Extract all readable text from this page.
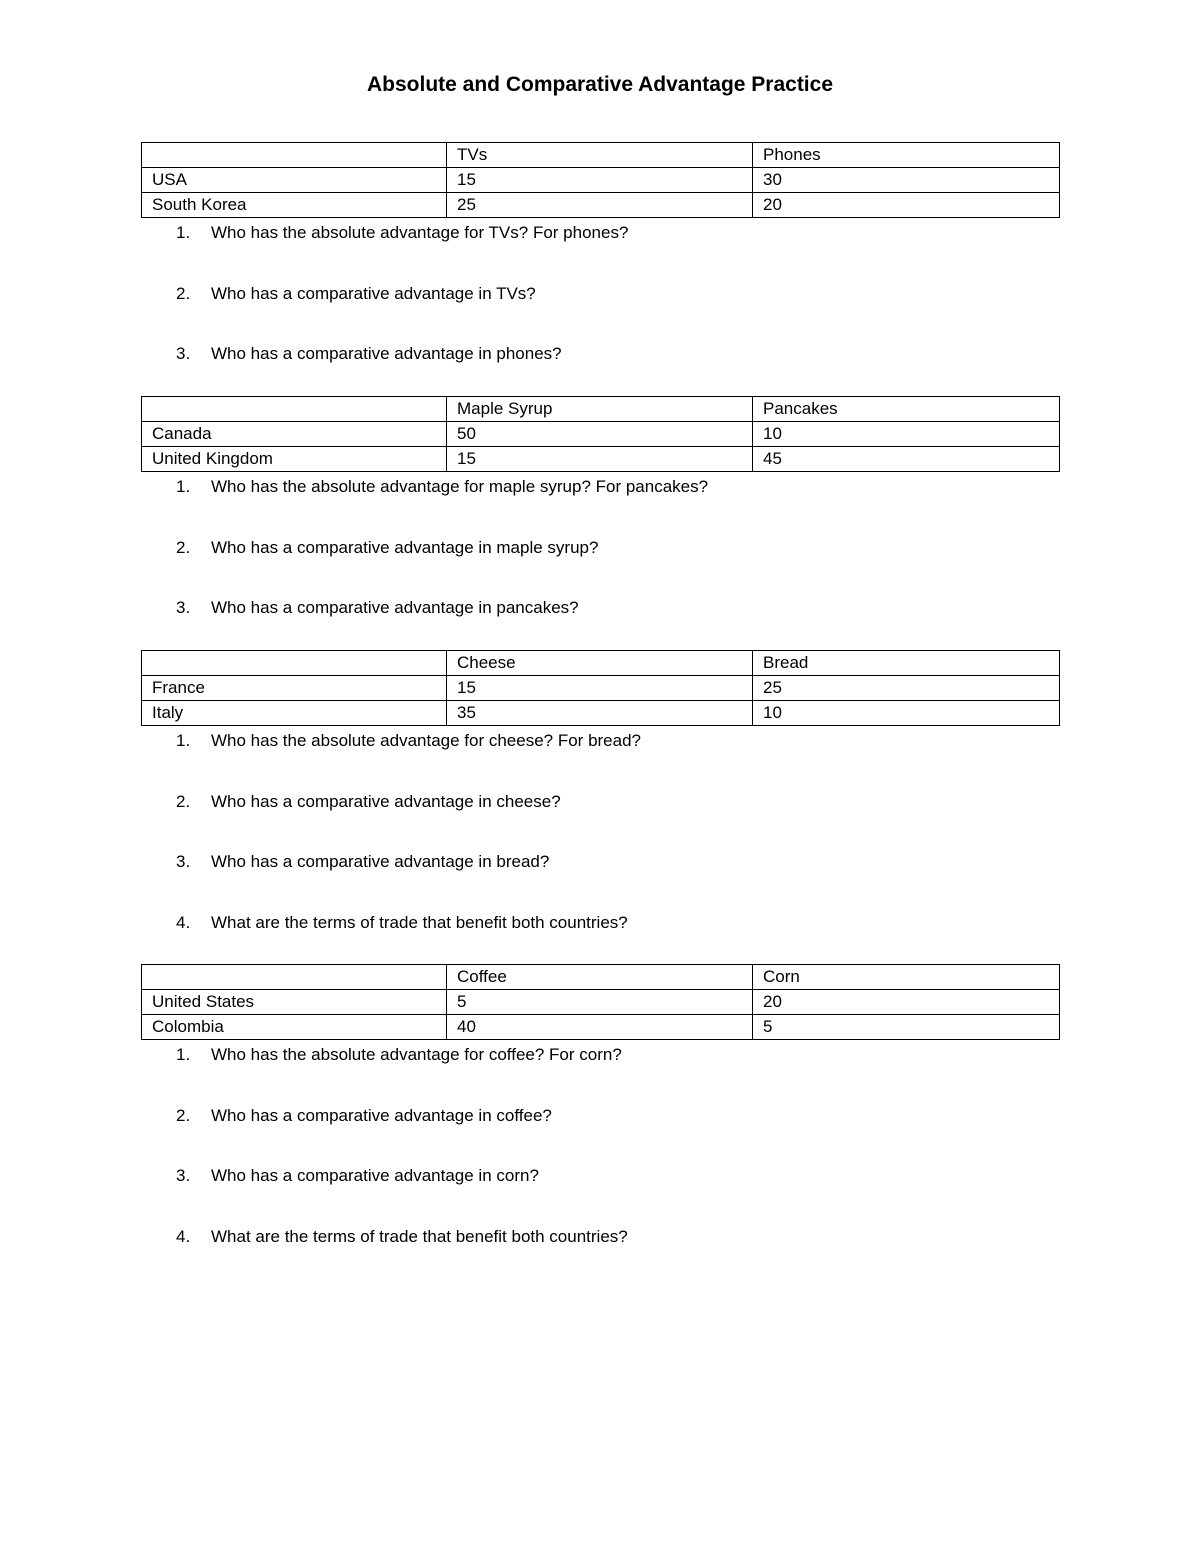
Absolute and Comparative Advantage Practice
	TVs	Phones
USA	15	30
South Korea	25	20
1. Who has the absolute advantage for TVs? For phones?
2. Who has a comparative advantage in TVs?
3. Who has a comparative advantage in phones?
	Maple Syrup	Pancakes
Canada	50	10
United Kingdom	15	45
1. Who has the absolute advantage for maple syrup? For pancakes?
2. Who has a comparative advantage in maple syrup?
3. Who has a comparative advantage in pancakes?
	Cheese	Bread
France	15	25
Italy	35	10
1. Who has the absolute advantage for cheese? For bread?
2. Who has a comparative advantage in cheese?
3. Who has a comparative advantage in bread?
4. What are the terms of trade that benefit both countries?
	Coffee	Corn
United States	5	20
Colombia	40	5
1. Who has the absolute advantage for coffee? For corn?
2. Who has a comparative advantage in coffee?
3. Who has a comparative advantage in corn?
4. What are the terms of trade that benefit both countries?
